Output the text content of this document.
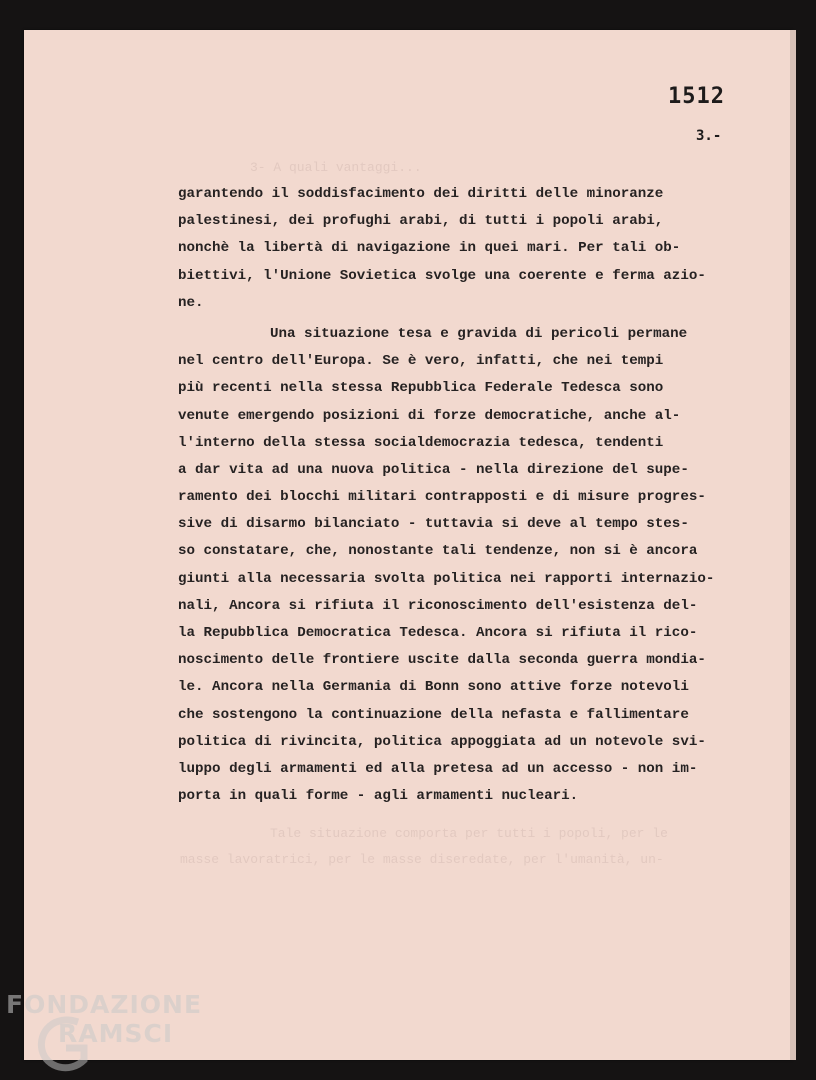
3- A quali vantaggi...

1512

3.-

garantendo il soddisfacimento dei diritti delle minoranze
palestinesi, dei profughi arabi, di tutti i popoli arabi,
nonchè la libertà di navigazione in quei mari. Per tali ob-
biettivi, l'Unione Sovietica svolge una coerente e ferma azio-
ne.
Una situazione tesa e gravida di pericoli permane
nel centro dell'Europa. Se è vero, infatti, che nei tempi
più recenti nella stessa Repubblica Federale Tedesca sono
venute emergendo posizioni di forze democratiche, anche al-
l'interno della stessa socialdemocrazia tedesca, tendenti
a dar vita ad una nuova politica - nella direzione del supe-
ramento dei blocchi militari contrapposti e di misure progres-
sive di disarmo bilanciato - tuttavia si deve al tempo stes-
so constatare, che, nonostante tali tendenze, non si è ancora
giunti alla necessaria svolta politica nei rapporti internazio-
nali, Ancora si rifiuta il riconoscimento dell'esistenza del-
la Repubblica Democratica Tedesca. Ancora si rifiuta il rico-
noscimento delle frontiere uscite dalla seconda guerra mondia-
le. Ancora nella Germania di Bonn sono attive forze notevoli
che sostengono la continuazione della nefasta e fallimentare
politica di rivincita, politica appoggiata ad un notevole svi-
luppo degli armamenti ed alla pretesa ad un accesso - non im-
porta in quali forme - agli armamenti nucleari.

Tale situazione comporta per tutti i popoli, per le

masse lavoratrici, per le masse diseredate, per l'umanità, un-

FONDAZIONE
RAMSCI
